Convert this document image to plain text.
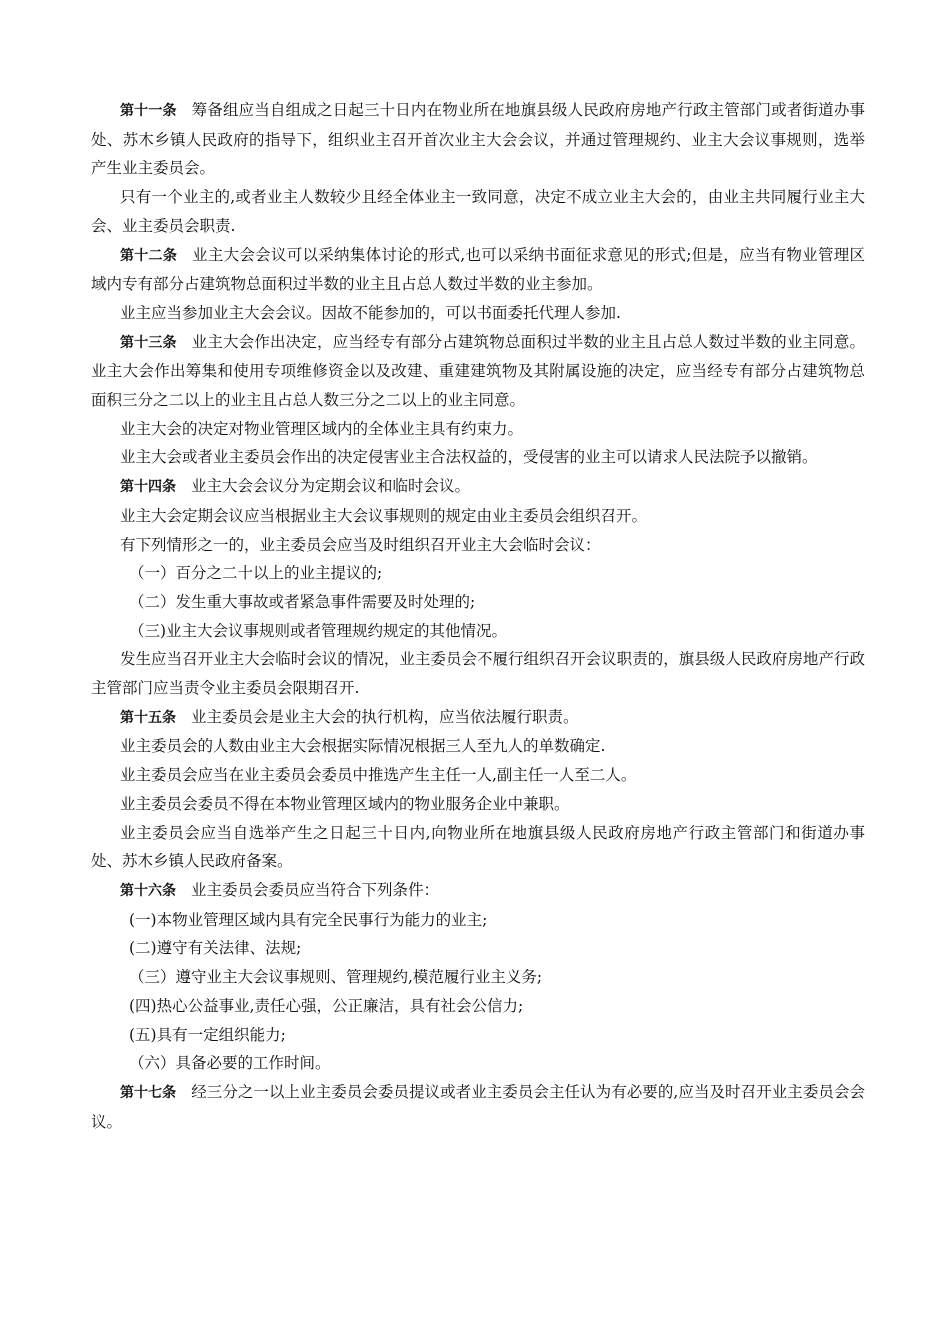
第十一条 筹备组应当自组成之日起三十日内在物业所在地旗县级人民政府房地产行政主管部门或者街道办事处、苏木乡镇人民政府的指导下，组织业主召开首次业主大会会议，并通过管理规约、业主大会议事规则，选举产生业主委员会。

只有一个业主的,或者业主人数较少且经全体业主一致同意，决定不成立业主大会的，由业主共同履行业主大会、业主委员会职责.

第十二条 业主大会会议可以采纳集体讨论的形式,也可以采纳书面征求意见的形式;但是，应当有物业管理区域内专有部分占建筑物总面积过半数的业主且占总人数过半数的业主参加。

业主应当参加业主大会会议。因故不能参加的，可以书面委托代理人参加.

第十三条 业主大会作出决定，应当经专有部分占建筑物总面积过半数的业主且占总人数过半数的业主同意。业主大会作出筹集和使用专项维修资金以及改建、重建建筑物及其附属设施的决定，应当经专有部分占建筑物总面积三分之二以上的业主且占总人数三分之二以上的业主同意。

业主大会的决定对物业管理区域内的全体业主具有约束力。

业主大会或者业主委员会作出的决定侵害业主合法权益的，受侵害的业主可以请求人民法院予以撤销。

第十四条 业主大会会议分为定期会议和临时会议。

业主大会定期会议应当根据业主大会议事规则的规定由业主委员会组织召开。

有下列情形之一的，业主委员会应当及时组织召开业主大会临时会议：

（一）百分之二十以上的业主提议的;

（二）发生重大事故或者紧急事件需要及时处理的;

（三)业主大会议事规则或者管理规约规定的其他情况。

发生应当召开业主大会临时会议的情况，业主委员会不履行组织召开会议职责的，旗县级人民政府房地产行政主管部门应当责令业主委员会限期召开.

第十五条 业主委员会是业主大会的执行机构，应当依法履行职责。

业主委员会的人数由业主大会根据实际情况根据三人至九人的单数确定.

业主委员会应当在业主委员会委员中推选产生主任一人,副主任一人至二人。

业主委员会委员不得在本物业管理区域内的物业服务企业中兼职。

业主委员会应当自选举产生之日起三十日内,向物业所在地旗县级人民政府房地产行政主管部门和街道办事处、苏木乡镇人民政府备案。

第十六条 业主委员会委员应当符合下列条件：

(一)本物业管理区域内具有完全民事行为能力的业主;

(二)遵守有关法律、法规;

（三）遵守业主大会议事规则、管理规约,模范履行业主义务;

(四)热心公益事业,责任心强，公正廉洁，具有社会公信力;

(五)具有一定组织能力;

（六）具备必要的工作时间。

第十七条 经三分之一以上业主委员会委员提议或者业主委员会主任认为有必要的,应当及时召开业主委员会会议。
